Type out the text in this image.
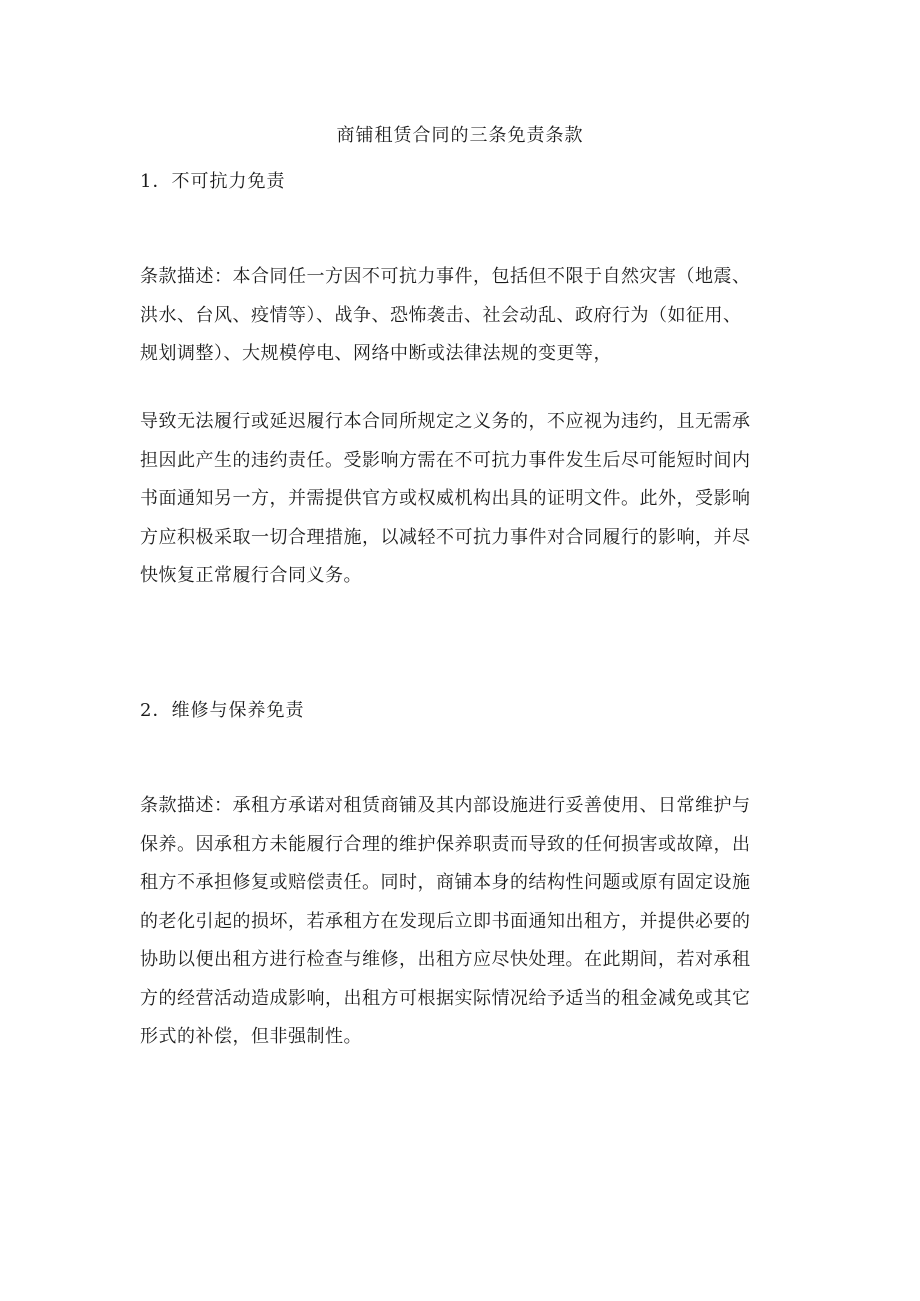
商铺租赁合同的三条免责条款
1．不可抗力免责

条款描述：本合同任一方因不可抗力事件，包括但不限于自然灾害（地震、
洪水、台风、疫情等）、战争、恐怖袭击、社会动乱、政府行为（如征用、
规划调整）、大规模停电、网络中断或法律法规的变更等，

导致无法履行或延迟履行本合同所规定之义务的，不应视为违约，且无需承
担因此产生的违约责任。受影响方需在不可抗力事件发生后尽可能短时间内
书面通知另一方，并需提供官方或权威机构出具的证明文件。此外，受影响
方应积极采取一切合理措施，以减轻不可抗力事件对合同履行的影响，并尽
快恢复正常履行合同义务。

2．维修与保养免责

条款描述：承租方承诺对租赁商铺及其内部设施进行妥善使用、日常维护与
保养。因承租方未能履行合理的维护保养职责而导致的任何损害或故障，出
租方不承担修复或赔偿责任。同时，商铺本身的结构性问题或原有固定设施
的老化引起的损坏，若承租方在发现后立即书面通知出租方，并提供必要的
协助以便出租方进行检查与维修，出租方应尽快处理。在此期间，若对承租
方的经营活动造成影响，出租方可根据实际情况给予适当的租金减免或其它
形式的补偿，但非强制性。
